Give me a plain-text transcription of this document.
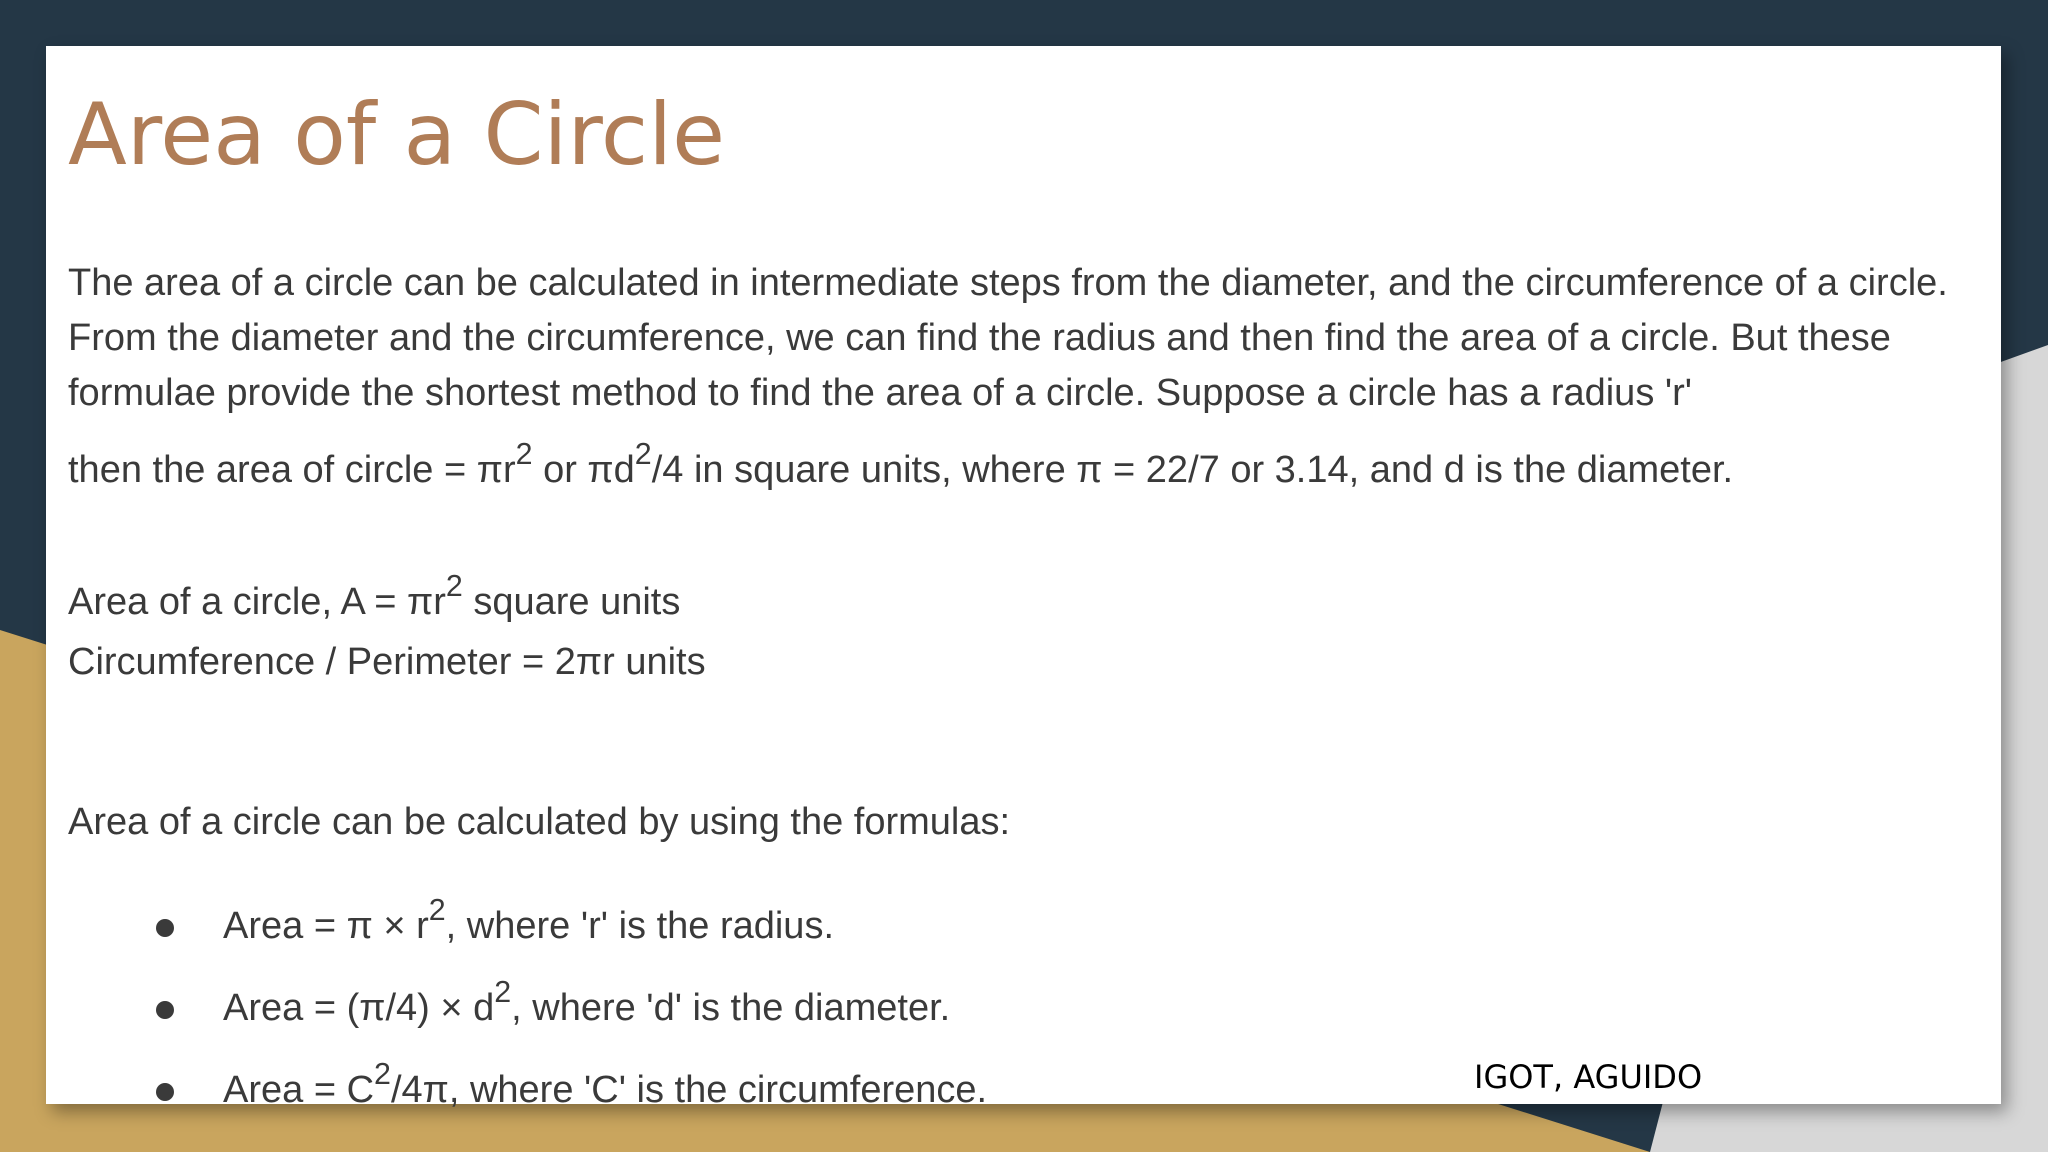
Area of a Circle

The area of a circle can be calculated in intermediate steps from the diameter, and the circumference of a circle. From the diameter and the circumference, we can find the radius and then find the area of a circle. But these formulae provide the shortest method to find the area of a circle. Suppose a circle has a radius 'r'
then the area of circle = $\pi r^2$ or $\pi d^2/4$ in square units, where π = 22/7 or 3.14, and d is the diameter.

Area of a circle, $A = \pi r^2$ square units

Circumference / Perimeter = 2πr units

Area of a circle can be calculated by using the formulas:

Area = $\pi \times r^2$, where 'r' is the radius.
Area = $(\pi/4) \times d^2$, where 'd' is the diameter.
Area = $C^2/4\pi$, where 'C' is the circumference.	IGOT, AGUIDO
